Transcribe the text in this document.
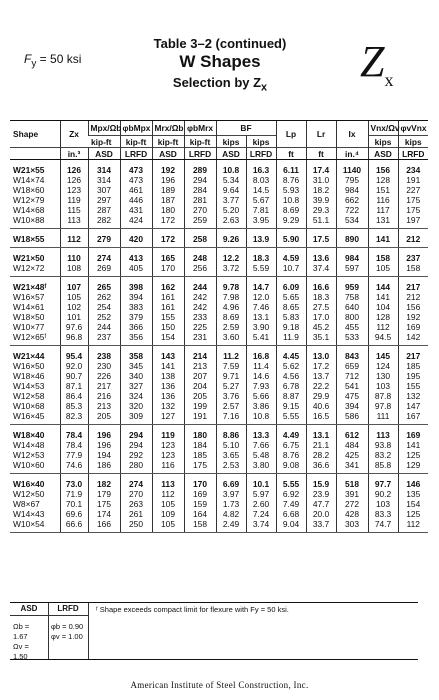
$F_y = 50$ ksi
Table 3–2 (continued)
W Shapes
Selection by $Z_x$
$Z_x$
Shape	Zx	Mpx/Ωb	φbMpx	Mrx/Ωb	φbMrx	BF		Lp	Lr	Ix	Vnx/Ωv	φvVnx
		kip-ft	kip-ft	kip-ft	kip-ft	kips	kips				kips	kips
	in.³	ASD	LRFD	ASD	LRFD	ASD	LRFD	ft	ft	in.⁴	ASD	LRFD
W21×55	126	314	473	192	289	10.8	16.3	6.11	17.4	1140	156	234
W14×74	126	314	473	196	294	5.34	8.03	8.76	31.0	795	128	191
W18×60	123	307	461	189	284	9.64	14.5	5.93	18.2	984	151	227
W12×79	119	297	446	187	281	3.77	5.67	10.8	39.9	662	116	175
W14×68	115	287	431	180	270	5.20	7.81	8.69	29.3	722	117	175
W10×88	113	282	424	172	259	2.63	3.95	9.29	51.1	534	131	197
W18×55	112	279	420	172	258	9.26	13.9	5.90	17.5	890	141	212
W21×50	110	274	413	165	248	12.2	18.3	4.59	13.6	984	158	237
W12×72	108	269	405	170	256	3.72	5.59	10.7	37.4	597	105	158
W21×48ᶠ	107	265	398	162	244	9.78	14.7	6.09	16.6	959	144	217
W16×57	105	262	394	161	242	7.98	12.0	5.65	18.3	758	141	212
W14×61	102	254	383	161	242	4.96	7.46	8.65	27.5	640	104	156
W18×50	101	252	379	155	233	8.69	13.1	5.83	17.0	800	128	192
W10×77	97.6	244	366	150	225	2.59	3.90	9.18	45.2	455	112	169
W12×65ᶠ	96.8	237	356	154	231	3.60	5.41	11.9	35.1	533	94.5	142
W21×44	95.4	238	358	143	214	11.2	16.8	4.45	13.0	843	145	217
W16×50	92.0	230	345	141	213	7.59	11.4	5.62	17.2	659	124	185
W18×46	90.7	226	340	138	207	9.71	14.6	4.56	13.7	712	130	195
W14×53	87.1	217	327	136	204	5.27	7.93	6.78	22.2	541	103	155
W12×58	86.4	216	324	136	205	3.76	5.66	8.87	29.9	475	87.8	132
W10×68	85.3	213	320	132	199	2.57	3.86	9.15	40.6	394	97.8	147
W16×45	82.3	205	309	127	191	7.16	10.8	5.55	16.5	586	111	167
W18×40	78.4	196	294	119	180	8.86	13.3	4.49	13.1	612	113	169
W14×48	78.4	196	294	123	184	5.10	7.66	6.75	21.1	484	93.8	141
W12×53	77.9	194	292	123	185	3.65	5.48	8.76	28.2	425	83.2	125
W10×60	74.6	186	280	116	175	2.53	3.80	9.08	36.6	341	85.8	129
W16×40	73.0	182	274	113	170	6.69	10.1	5.55	15.9	518	97.7	146
W12×50	71.9	179	270	112	169	3.97	5.97	6.92	23.9	391	90.2	135
W8×67	70.1	175	263	105	159	1.73	2.60	7.49	47.7	272	103	154
W14×43	69.6	174	261	109	164	4.82	7.24	6.68	20.0	428	83.3	125
W10×54	66.6	166	250	105	158	2.49	3.74	9.04	33.7	303	74.7	112
ASD
Ωb = 1.67
Ωv = 1.50
LRFD
φb = 0.90
φv = 1.00
ᶠ Shape exceeds compact limit for flexure with Fy = 50 ksi.
American Institute of Steel Construction, Inc.
